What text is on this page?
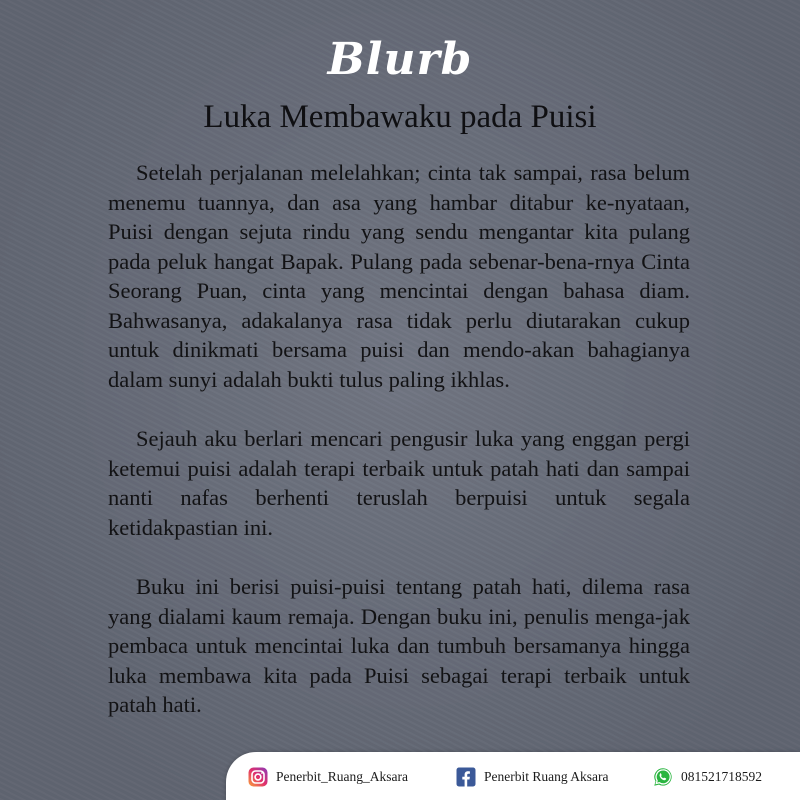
Blurb
Luka Membawaku pada Puisi

Setelah perjalanan melelahkan; cinta tak sampai, rasa belum menemu tuannya, dan asa yang hambar ditabur ke-nyataan, Puisi dengan sejuta rindu yang sendu mengantar kita pulang pada peluk hangat Bapak. Pulang pada sebenar-bena-rnya Cinta Seorang Puan, cinta yang mencintai dengan bahasa diam. Bahwasanya, adakalanya rasa tidak perlu diutarakan cukup untuk dinikmati bersama puisi dan mendo-akan bahagianya dalam sunyi adalah bukti tulus paling ikhlas.

Sejauh aku berlari mencari pengusir luka yang enggan pergi ketemui puisi adalah terapi terbaik untuk patah hati dan sampai nanti nafas berhenti teruslah berpuisi untuk segala ketidakpastian ini.

Buku ini berisi puisi-puisi tentang patah hati, dilema rasa yang dialami kaum remaja. Dengan buku ini, penulis menga-jak pembaca untuk mencintai luka dan tumbuh bersamanya hingga luka membawa kita pada Puisi sebagai terapi terbaik untuk patah hati.

Penerbit_Ruang_Aksara	Penerbit Ruang Aksara	081521718592
